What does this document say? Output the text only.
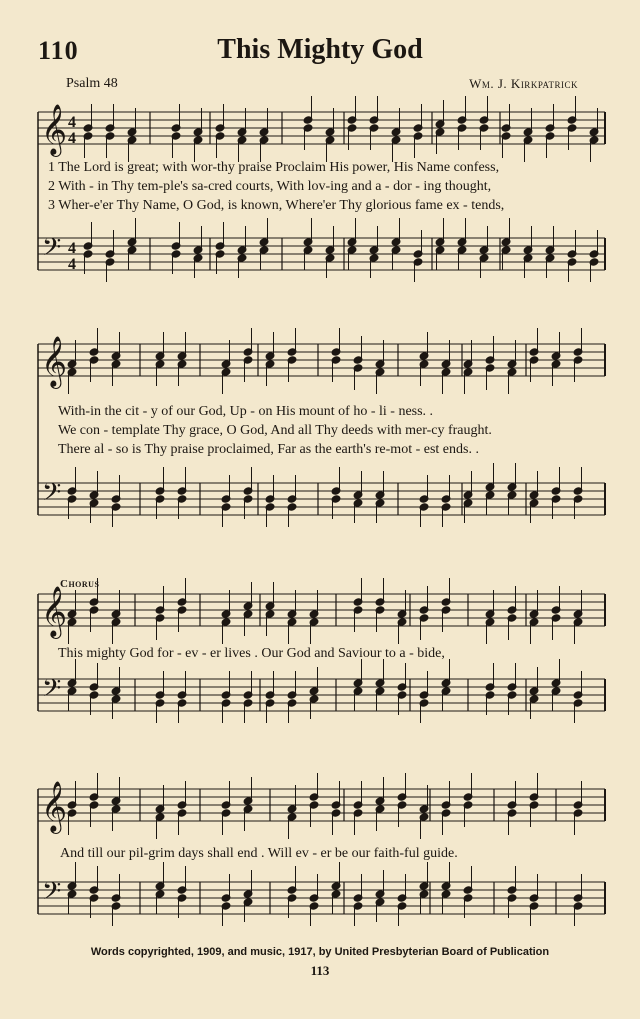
110	This Mighty God
Psalm 48	Wm. J. Kirkpatrick
𝄞
𝄢
4
4
4
4
𝄞
𝄢
𝄞
𝄢
𝄞
𝄢
1 The Lord is great; with wor-thy praise Proclaim His power, His Name confess,
2 With - in Thy tem-ple's sa-cred courts, With lov-ing and a - dor - ing thought,
3 Wher-e'er Thy Name, O God, is known, Where'er Thy glorious fame ex - tends,
With-in the cit - y of our God, Up - on His mount of ho - li - ness. .
We con - template Thy grace, O God, And all Thy deeds with mer-cy fraught.
There al - so is Thy praise proclaimed, Far as the earth's re-mot - est ends. .
Chorus
This mighty God for - ev - er lives . Our God and Saviour to a - bide,
And till our pil-grim days shall end . Will ev - er be our faith-ful guide.
Words copyrighted, 1909, and music, 1917, by United Presbyterian Board of Publication
113
